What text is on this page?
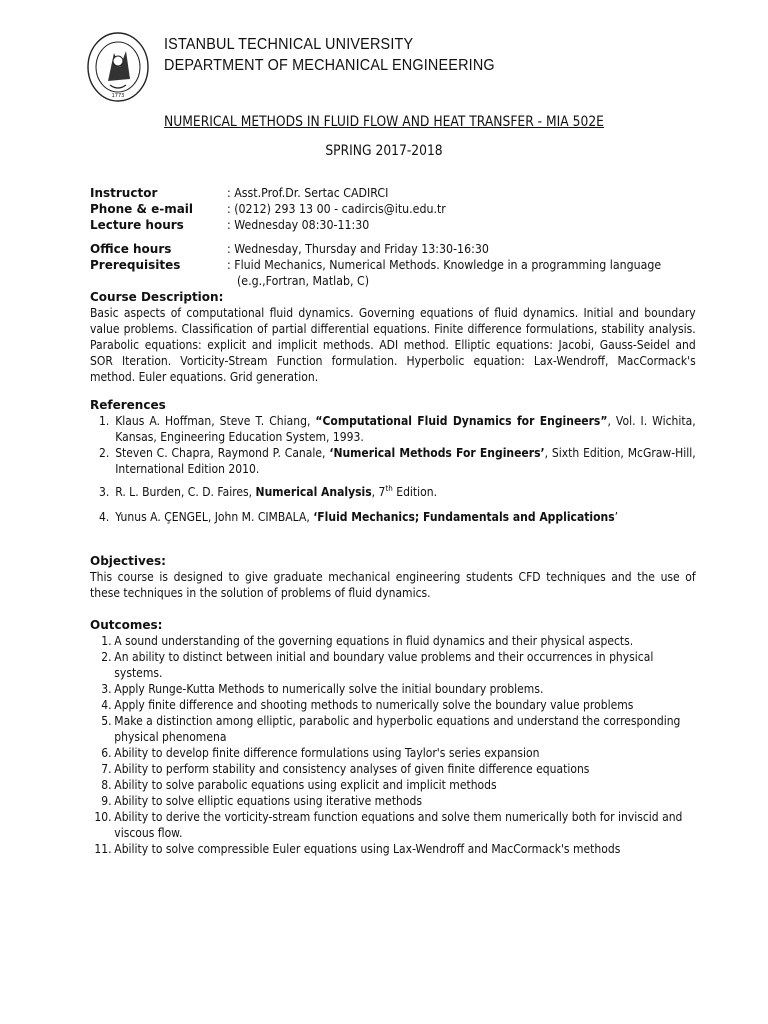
1773
ISTANBUL TECHNICAL UNIVERSITY
DEPARTMENT OF MECHANICAL ENGINEERING
NUMERICAL METHODS IN FLUID FLOW AND HEAT TRANSFER - MIA 502E
SPRING 2017-2018
Instructor	: Asst.Prof.Dr. Sertac CADIRCI
Phone & e-mail	: (0212) 293 13 00 - cadircis@itu.edu.tr
Lecture hours	: Wednesday 08:30-11:30
Office hours	: Wednesday, Thursday and Friday 13:30-16:30
Prerequisites	: Fluid Mechanics, Numerical Methods. Knowledge in a programming language
(e.g.,Fortran, Matlab, C)
Course Description:
Basic aspects of computational fluid dynamics. Governing equations of fluid dynamics. Initial and boundary value problems. Classification of partial differential equations. Finite difference formulations, stability analysis. Parabolic equations: explicit and implicit methods. ADI method. Elliptic equations: Jacobi, Gauss-Seidel and SOR Iteration. Vorticity-Stream Function formulation. Hyperbolic equation: Lax-Wendroff, MacCormack's method. Euler equations. Grid generation.
References
1. Klaus A. Hoffman, Steve T. Chiang, “Computational Fluid Dynamics for Engineers”, Vol. I. Wichita, Kansas, Engineering Education System, 1993.
2. Steven C. Chapra, Raymond P. Canale, ‘Numerical Methods For Engineers’, Sixth Edition, McGraw-Hill, International Edition 2010.
3. R. L. Burden, C. D. Faires, Numerical Analysis, 7th Edition.
4. Yunus A. ÇENGEL, John M. CIMBALA, ‘Fluid Mechanics; Fundamentals and Applications’
Objectives:
This course is designed to give graduate mechanical engineering students CFD techniques and the use of these techniques in the solution of problems of fluid dynamics.
Outcomes:
1. A sound understanding of the governing equations in fluid dynamics and their physical aspects.
2. An ability to distinct between initial and boundary value problems and their occurrences in physical systems.
3. Apply Runge-Kutta Methods to numerically solve the initial boundary problems.
4. Apply finite difference and shooting methods to numerically solve the boundary value problems
5. Make a distinction among elliptic, parabolic and hyperbolic equations and understand the corresponding physical phenomena
6. Ability to develop finite difference formulations using Taylor's series expansion
7. Ability to perform stability and consistency analyses of given finite difference equations
8. Ability to solve parabolic equations using explicit and implicit methods
9. Ability to solve elliptic equations using iterative methods
10. Ability to derive the vorticity-stream function equations and solve them numerically both for inviscid and viscous flow.
11. Ability to solve compressible Euler equations using Lax-Wendroff and MacCormack's methods
